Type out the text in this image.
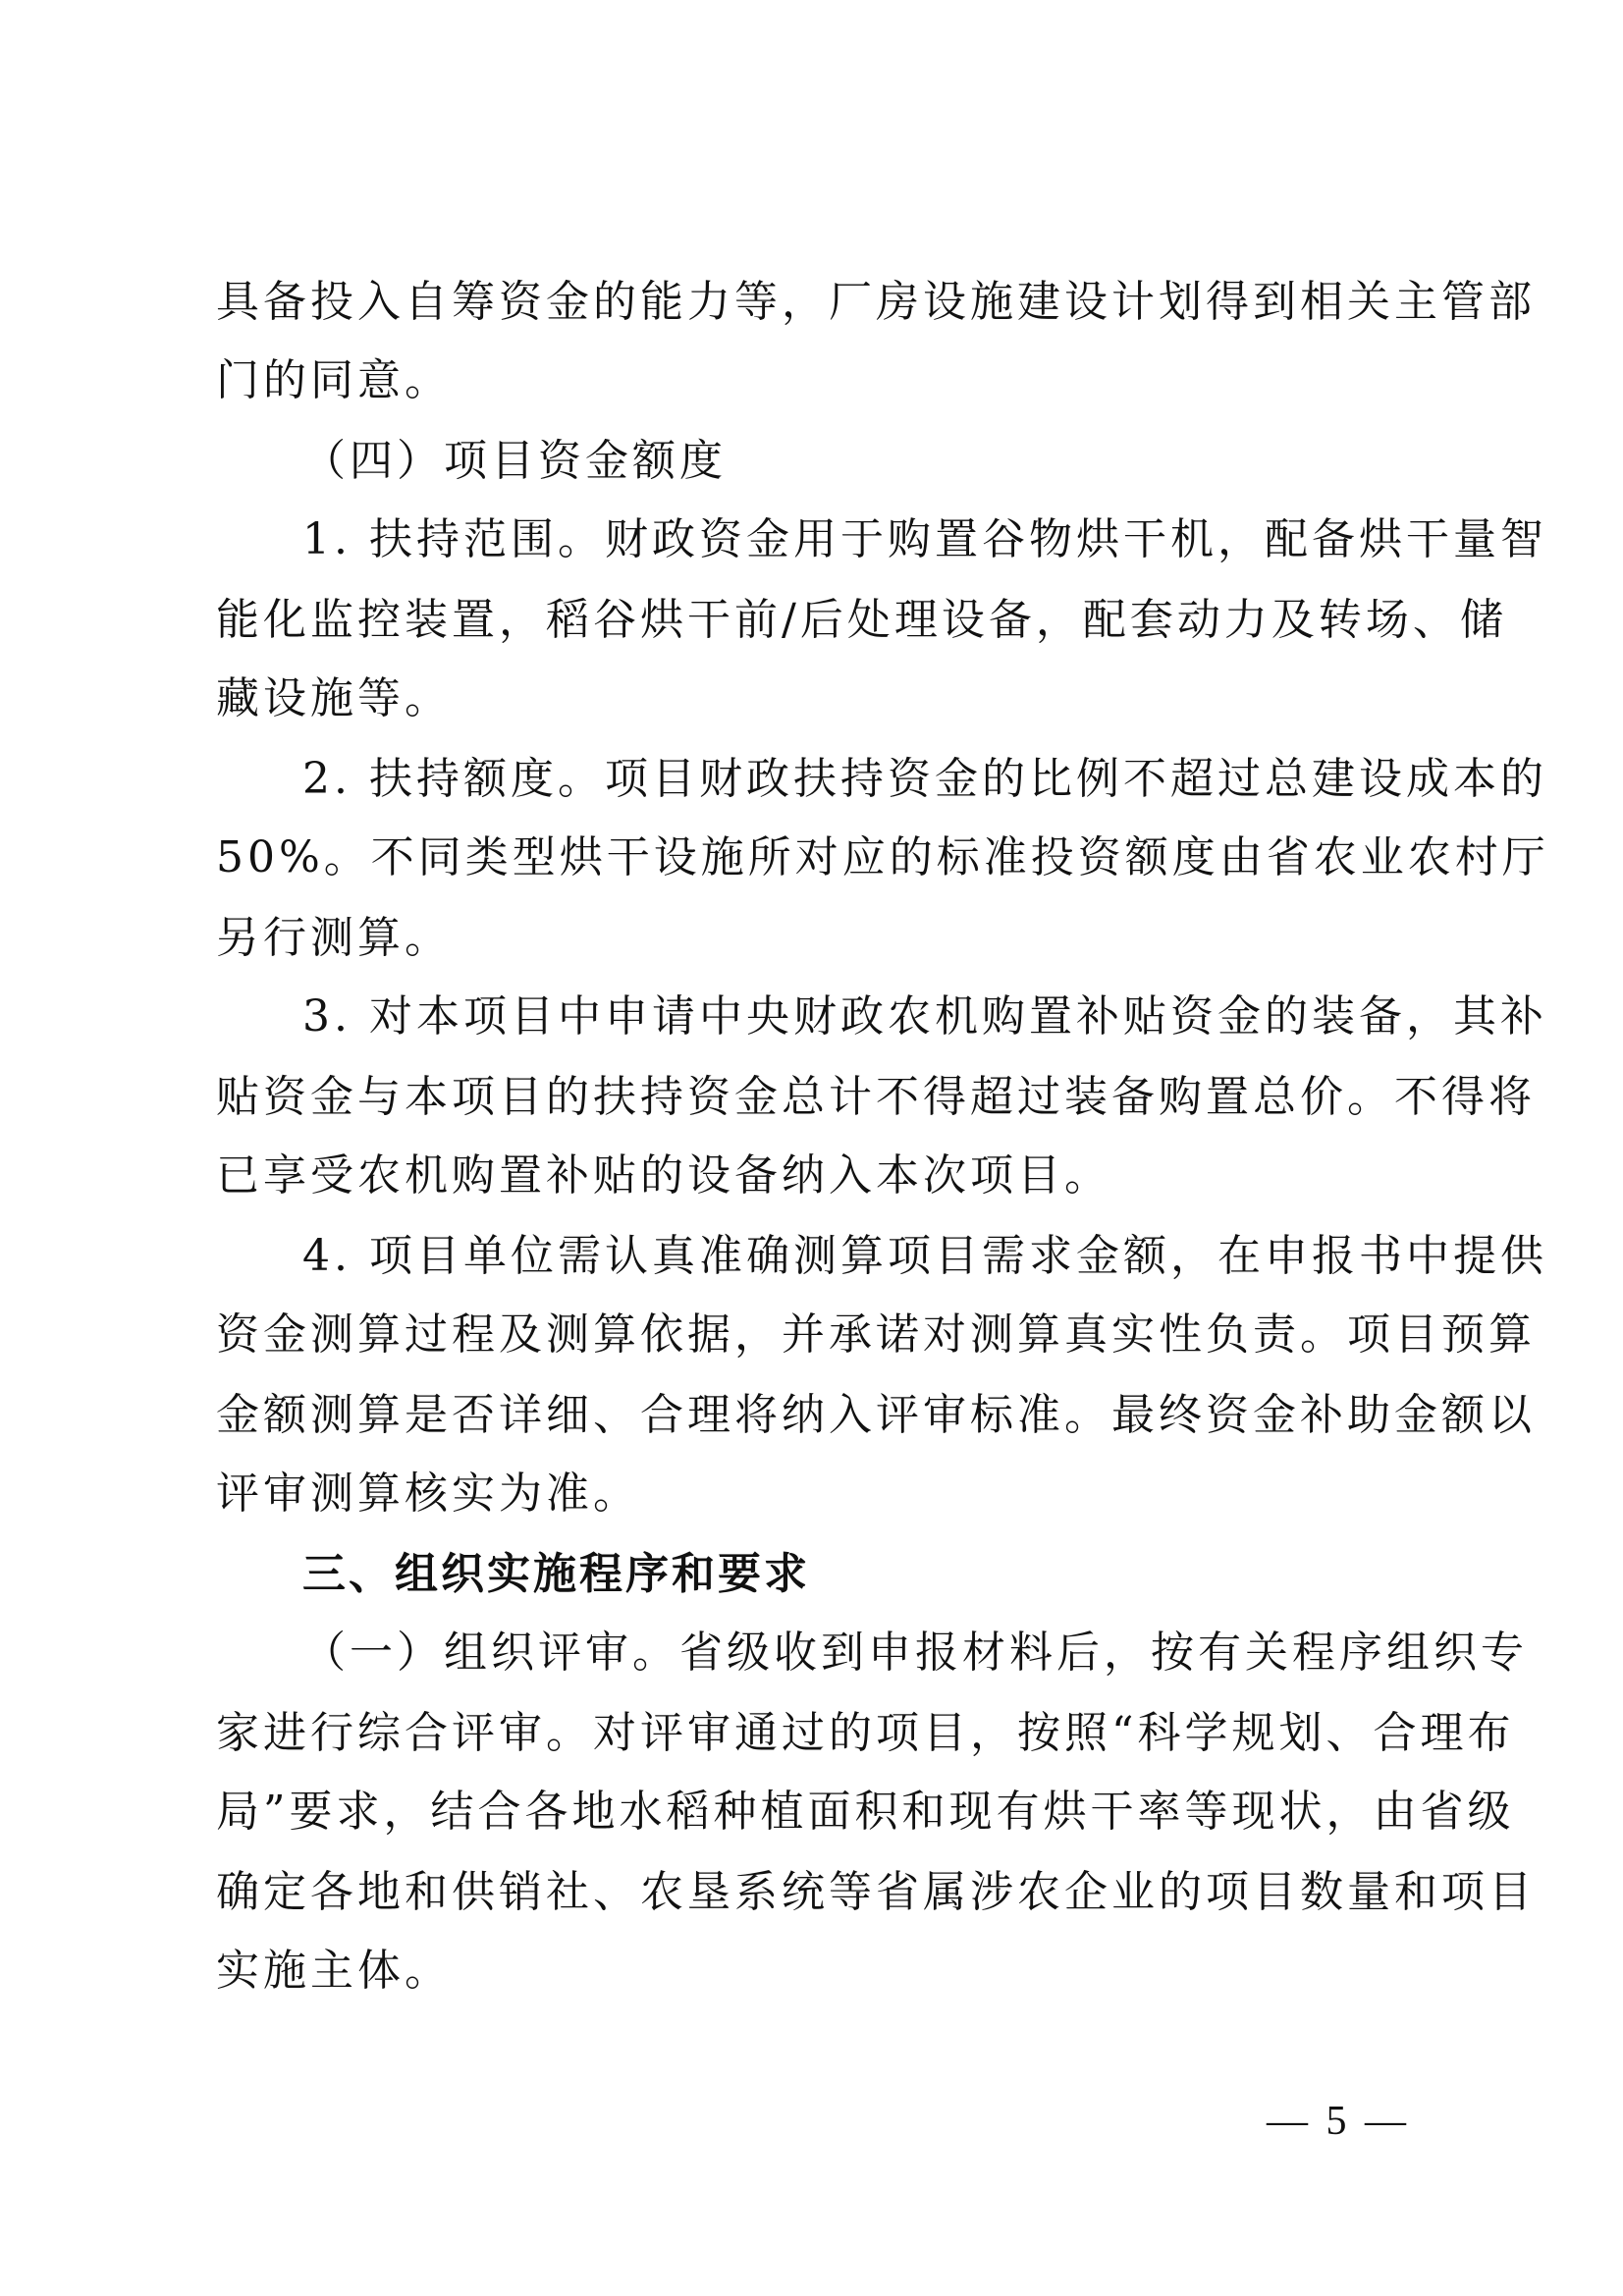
具备投入自筹资金的能力等，厂房设施建设计划得到相关主管部
门的同意。
（四）项目资金额度
1. 扶持范围。财政资金用于购置谷物烘干机，配备烘干量智
能化监控装置，稻谷烘干前/后处理设备，配套动力及转场、储
藏设施等。
2. 扶持额度。项目财政扶持资金的比例不超过总建设成本的
50%。不同类型烘干设施所对应的标准投资额度由省农业农村厅
另行测算。
3. 对本项目中申请中央财政农机购置补贴资金的装备，其补
贴资金与本项目的扶持资金总计不得超过装备购置总价。不得将
已享受农机购置补贴的设备纳入本次项目。
4. 项目单位需认真准确测算项目需求金额，在申报书中提供
资金测算过程及测算依据，并承诺对测算真实性负责。项目预算
金额测算是否详细、合理将纳入评审标准。最终资金补助金额以
评审测算核实为准。
三、组织实施程序和要求
（一）组织评审。省级收到申报材料后，按有关程序组织专
家进行综合评审。对评审通过的项目，按照“科学规划、合理布
局”要求，结合各地水稻种植面积和现有烘干率等现状，由省级
确定各地和供销社、农垦系统等省属涉农企业的项目数量和项目
实施主体。
— 5 —
